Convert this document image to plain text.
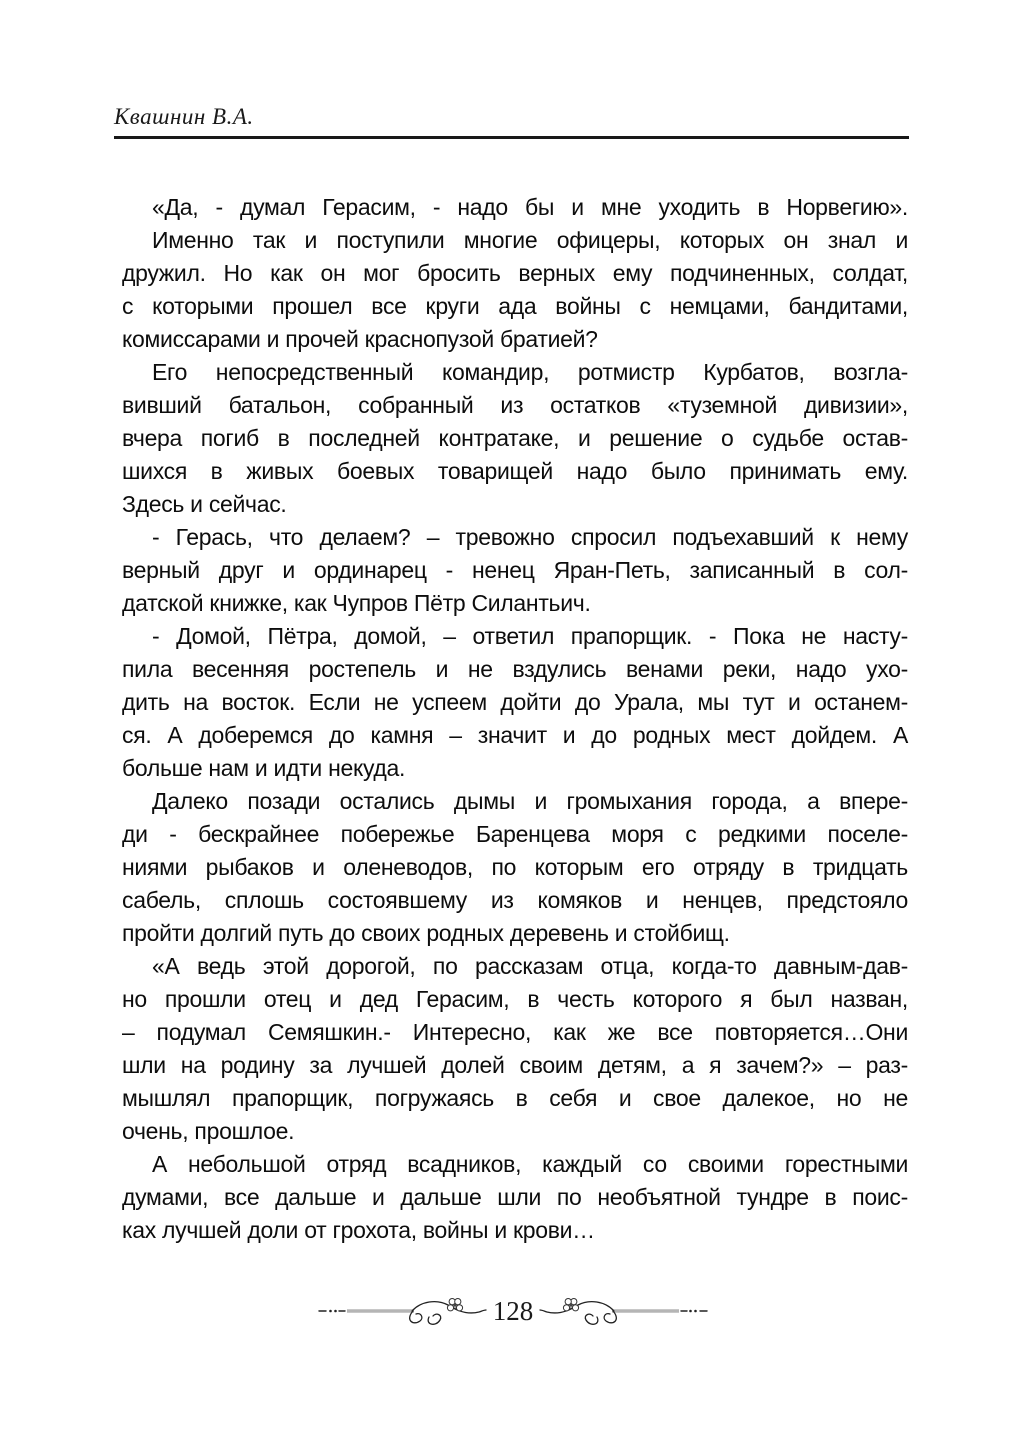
Квашнин В.А.

«Да, - думал Герасим, - надо бы и мне уходить в Норвегию».

Именно так и поступили многие офицеры, которых он знал и
дружил. Но как он мог бросить верных ему подчиненных, солдат,
с которыми прошел все круги ада войны с немцами, бандитами,
комиссарами и прочей краснопузой братией?

Его непосредственный командир, ротмистр Курбатов, возгла-
вивший батальон, собранный из остатков «туземной дивизии»,
вчера погиб в последней контратаке, и решение о судьбе остав-
шихся в живых боевых товарищей надо было принимать ему.
Здесь и сейчас.

- Герась, что делаем? – тревожно спросил подъехавший к нему
верный друг и ординарец - ненец Яран-Петь, записанный в сол-
датской книжке, как Чупров Пётр Силантьич.

- Домой, Пётра, домой, – ответил прапорщик. - Пока не насту-
пила весенняя ростепель и не вздулись венами реки, надо ухо-
дить на восток. Если не успеем дойти до Урала, мы тут и останем-
ся. А доберемся до камня – значит и до родных мест дойдем. А
больше нам и идти некуда.

Далеко позади остались дымы и громыхания города, а впере-
ди - бескрайнее побережье Баренцева моря с редкими поселе-
ниями рыбаков и оленеводов, по которым его отряду в тридцать
сабель, сплошь состоявшему из комяков и ненцев, предстояло
пройти долгий путь до своих родных деревень и стойбищ.

«А ведь этой дорогой, по рассказам отца, когда-то давным-дав-
но прошли отец и дед Герасим, в честь которого я был назван,
– подумал Семяшкин.- Интересно, как же все повторяется…Они
шли на родину за лучшей долей своим детям, а я зачем?» – раз-
мышлял прапорщик, погружаясь в себя и свое далекое, но не
очень, прошлое.

А небольшой отряд всадников, каждый со своими горестными
думами, все дальше и дальше шли по необъятной тундре в поис-
ках лучшей доли от грохота, войны и крови…

128
